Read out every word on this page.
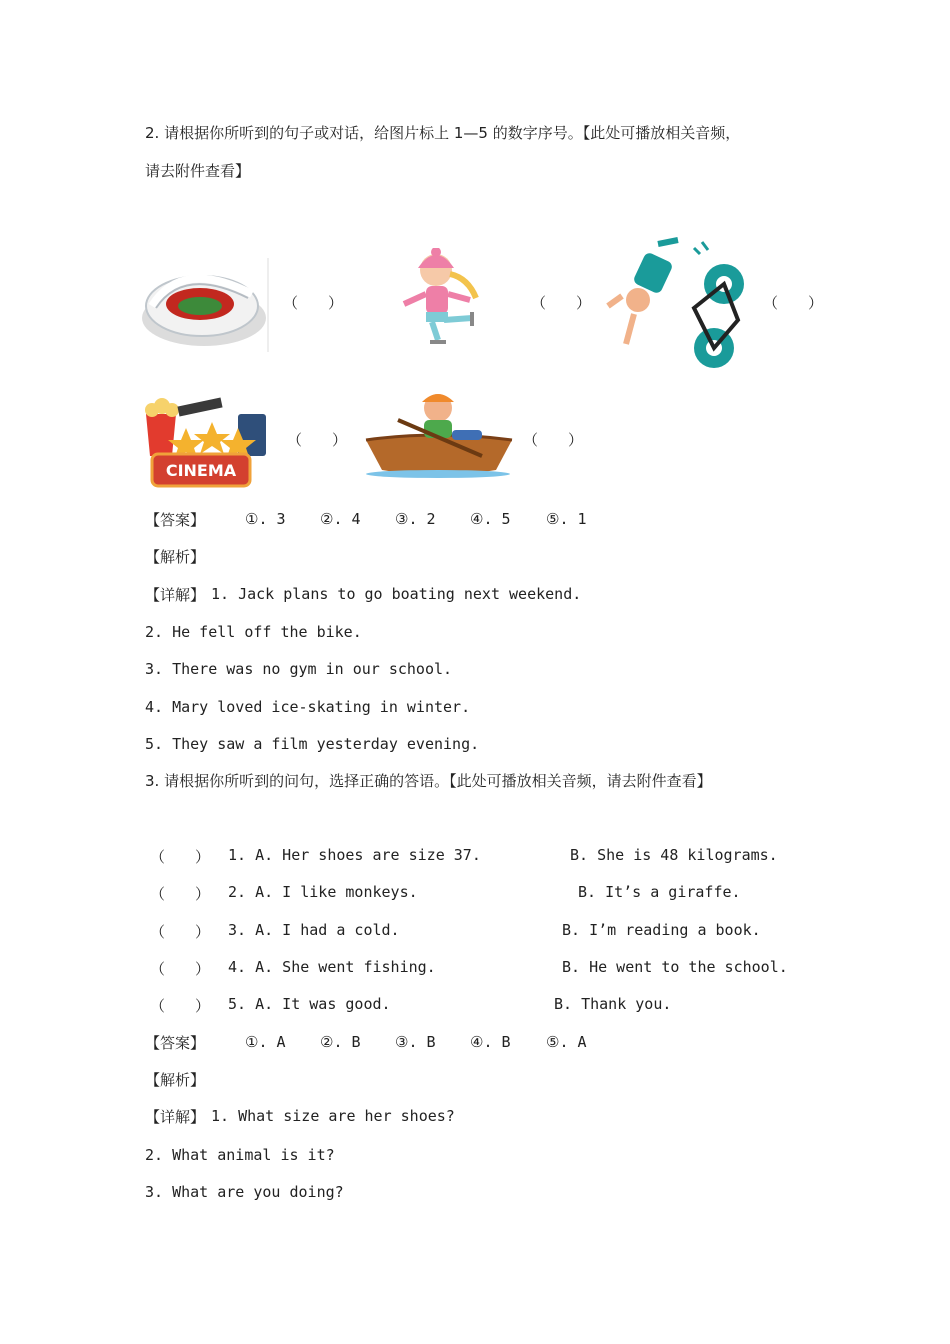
2. 请根据你所听到的句子或对话，给图片标上 1—5 的数字序号。【此处可播放相关音频，
请去附件查看】
（　　）	（　　）	（　　）
CINEMA
（　　）	（　　）
【答案】	①. 3 ②. 4 ③. 2 ④. 5 ⑤. 1
【解析】
【详解】 1. Jack plans to go boating next weekend.
2. He fell off the bike.
3. There was no gym in our school.
4. Mary loved ice-skating in winter.
5. They saw a film yesterday evening.
3. 请根据你所听到的问句，选择正确的答语。【此处可播放相关音频，请去附件查看】
（　　） 1. A. Her shoes are size 37.	B. She is 48 kilograms.
（　　） 2. A. I like monkeys.	B. It’s a giraffe.
（　　） 3. A. I had a cold.	B. I’m reading a book.
（　　） 4. A. She went fishing.	B. He went to the school.
（　　） 5. A. It was good.	B. Thank you.
【答案】	①. A ②. B ③. B ④. B ⑤. A
【解析】
【详解】 1. What size are her shoes?
2. What animal is it?
3. What are you doing?
